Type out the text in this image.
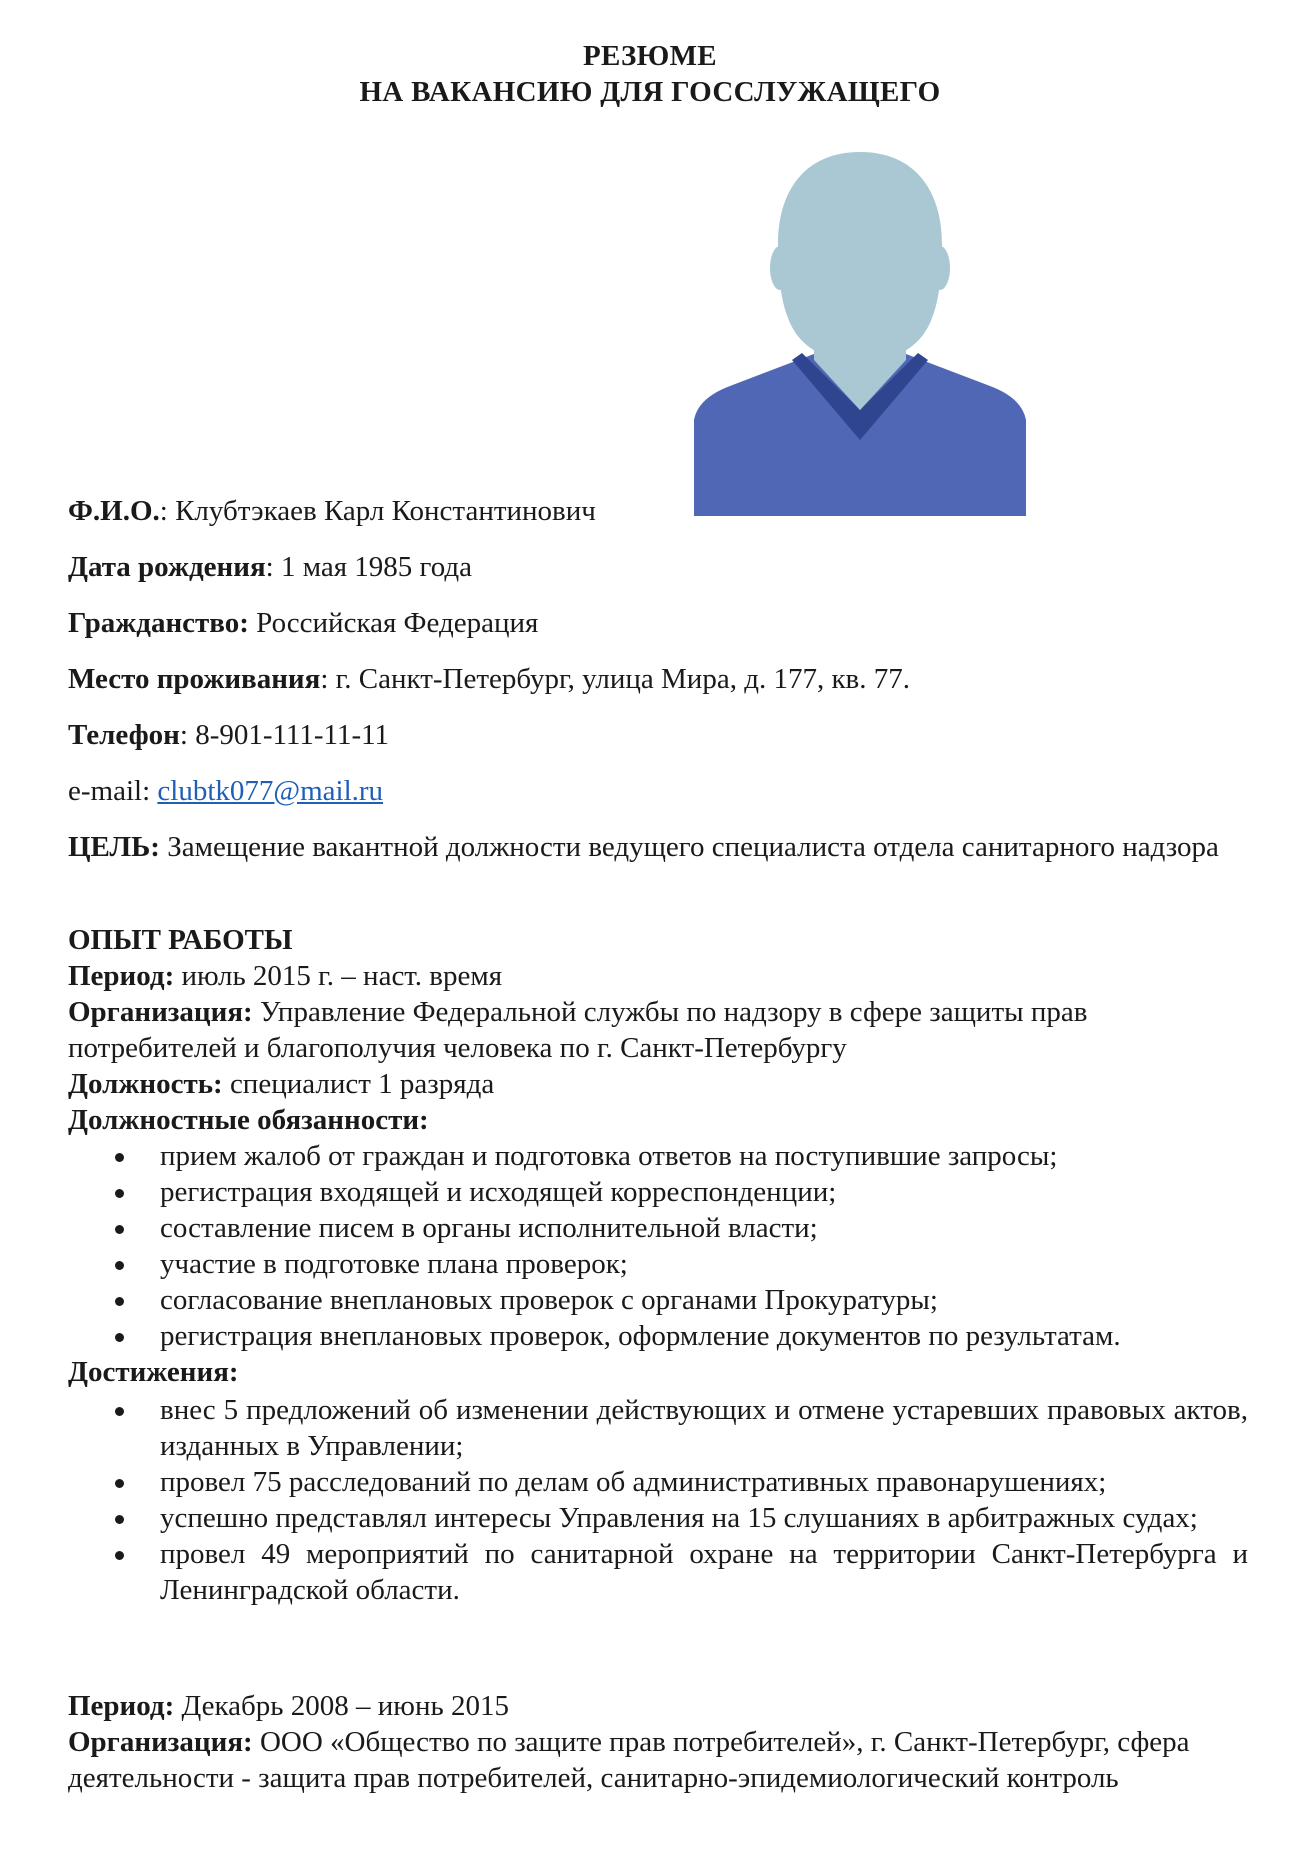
РЕЗЮМЕ
НА ВАКАНСИЮ ДЛЯ ГОССЛУЖАЩЕГО
Ф.И.О.: Клубтэкаев Карл Константинович
Дата рождения: 1 мая 1985 года
Гражданство: Российская Федерация
Место проживания: г. Санкт-Петербург, улица Мира, д. 177, кв. 77.
Телефон: 8-901-111-11-11
e-mail: clubtk077@mail.ru
ЦЕЛЬ: Замещение вакантной должности ведущего специалиста отдела санитарного надзора
ОПЫТ РАБОТЫ
Период: июль 2015 г. – наст. время
Организация: Управление Федеральной службы по надзору в сфере защиты прав потребителей и благополучия человека по г. Санкт-Петербургу
Должность: специалист 1 разряда
Должностные обязанности:
прием жалоб от граждан и подготовка ответов на поступившие запросы;
регистрация входящей и исходящей корреспонденции;
составление писем в органы исполнительной власти;
участие в подготовке плана проверок;
согласование внеплановых проверок с органами Прокуратуры;
регистрация внеплановых проверок, оформление документов по результатам.
Достижения:
внес 5 предложений об изменении действующих и отмене устаревших правовых актов, изданных в Управлении;
провел 75 расследований по делам об административных правонарушениях;
успешно представлял интересы Управления на 15 слушаниях в арбитражных судах;
провел 49 мероприятий по санитарной охране на территории Санкт-Петербурга и Ленинградской области.
Период: Декабрь 2008 – июнь 2015
Организация: ООО «Общество по защите прав потребителей», г. Санкт-Петербург, сфера деятельности - защита прав потребителей, санитарно-эпидемиологический контроль
